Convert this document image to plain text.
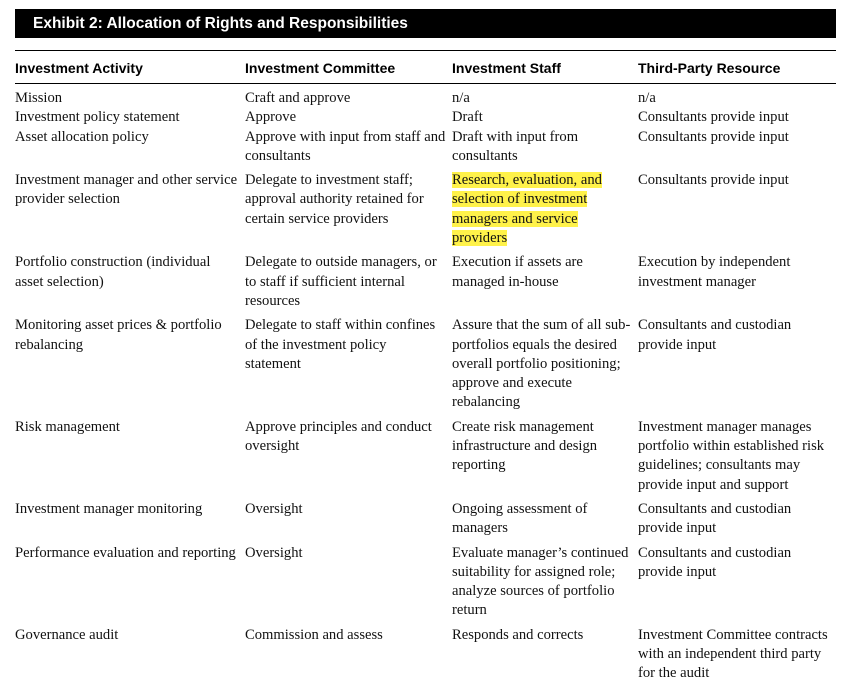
Exhibit 2: Allocation of Rights and Responsibilities
Investment Activity	Investment Committee	Investment Staff	Third-Party Resource
Mission	Craft and approve	n/a	n/a

Investment policy statement	Approve	Draft	Consultants provide input

Asset allocation policy	Approve with input from staff and consultants	Draft with input from consultants	Consultants provide input

Investment manager and other service provider selection	Delegate to investment staff; approval authority retained for certain service providers	Research, evaluation, and selection of investment managers and service providers	Consultants provide input

Portfolio construction (individual asset selection)	Delegate to outside managers, or to staff if sufficient internal resources	Execution if assets are managed in-house	Execution by independent investment manager

Monitoring asset prices & portfolio rebalancing	Delegate to staff within confines of the investment policy statement	Assure that the sum of all sub-portfolios equals the desired overall portfolio positioning; approve and execute rebalancing	Consultants and custodian provide input

Risk management	Approve principles and conduct oversight	Create risk management infrastructure and design reporting	Investment manager manages portfolio within established risk guidelines; consultants may provide input and support

Investment manager monitoring	Oversight	Ongoing assessment of managers	Consultants and custodian provide input

Performance evaluation and reporting	Oversight	Evaluate manager’s continued suitability for assigned role; analyze sources of portfolio return	Consultants and custodian provide input

Governance audit	Commission and assess	Responds and corrects	Investment Committee contracts with an independent third party for the audit
